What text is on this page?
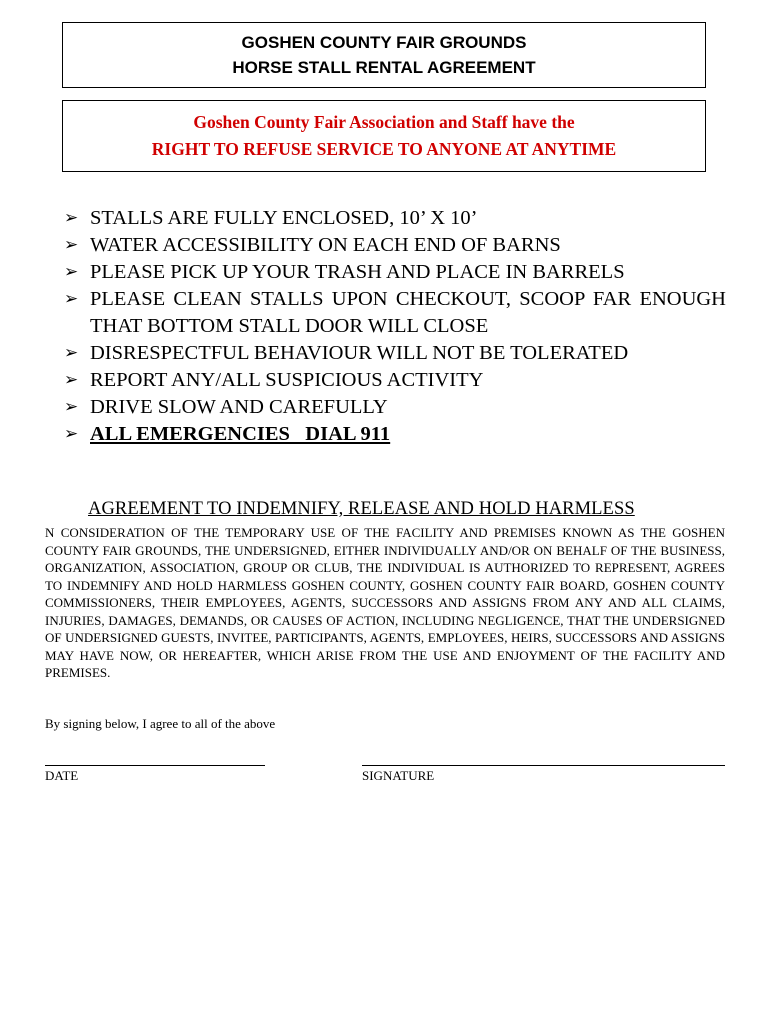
GOSHEN COUNTY FAIR GROUNDS
HORSE STALL RENTAL AGREEMENT
Goshen County Fair Association and Staff have the
RIGHT TO REFUSE SERVICE TO ANYONE AT ANYTIME
➢ STALLS ARE FULLY ENCLOSED, 10’ X 10’
➢ WATER ACCESSIBILITY ON EACH END OF BARNS
➢ PLEASE PICK UP YOUR TRASH AND PLACE IN BARRELS
➢ PLEASE CLEAN STALLS UPON CHECKOUT, SCOOP FAR ENOUGH THAT BOTTOM STALL DOOR WILL CLOSE
➢ DISRESPECTFUL BEHAVIOUR WILL NOT BE TOLERATED
➢ REPORT ANY/ALL SUSPICIOUS ACTIVITY
➢ DRIVE SLOW AND CAREFULLY
➢ ALL EMERGENCIES   DIAL 911
AGREEMENT TO INDEMNIFY, RELEASE AND HOLD HARMLESS
N CONSIDERATION OF THE TEMPORARY USE OF THE FACILITY AND PREMISES KNOWN AS THE GOSHEN COUNTY FAIR GROUNDS, THE UNDERSIGNED, EITHER INDIVIDUALLY AND/OR ON BEHALF OF THE BUSINESS, ORGANIZATION, ASSOCIATION, GROUP OR CLUB, THE INDIVIDUAL IS AUTHORIZED TO REPRESENT, AGREES TO INDEMNIFY AND HOLD HARMLESS GOSHEN COUNTY, GOSHEN COUNTY FAIR BOARD, GOSHEN COUNTY COMMISSIONERS, THEIR EMPLOYEES, AGENTS, SUCCESSORS AND ASSIGNS FROM ANY AND ALL CLAIMS, INJURIES, DAMAGES, DEMANDS, OR CAUSES OF ACTION, INCLUDING NEGLIGENCE, THAT THE UNDERSIGNED OF UNDERSIGNED GUESTS, INVITEE, PARTICIPANTS, AGENTS, EMPLOYEES, HEIRS, SUCCESSORS AND ASSIGNS MAY HAVE NOW, OR HEREAFTER, WHICH ARISE FROM THE USE AND ENJOYMENT OF THE FACILITY AND PREMISES.
By signing below, I agree to all of the above
DATE	SIGNATURE
